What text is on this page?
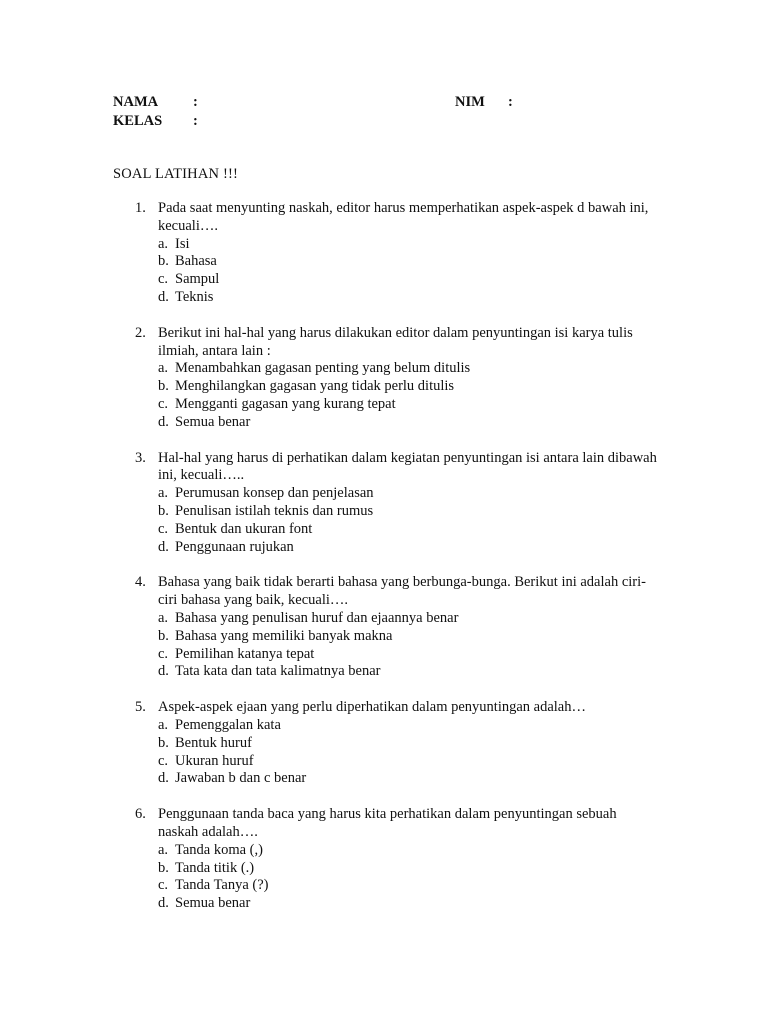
NAMA :	NIM :
KELAS :
SOAL LATIHAN !!!
1. Pada saat menyunting naskah, editor harus memperhatikan aspek-aspek d bawah ini, kecuali….
a. Isi
b. Bahasa
c. Sampul
d. Teknis
2. Berikut ini hal-hal yang harus dilakukan editor dalam penyuntingan isi karya tulis ilmiah, antara lain :
a. Menambahkan gagasan penting yang belum ditulis
b. Menghilangkan gagasan yang tidak perlu ditulis
c. Mengganti gagasan yang kurang tepat
d. Semua benar
3. Hal-hal yang harus di perhatikan dalam kegiatan penyuntingan isi antara lain dibawah ini, kecuali…..
a. Perumusan konsep dan penjelasan
b. Penulisan istilah teknis dan rumus
c. Bentuk dan ukuran font
d. Penggunaan rujukan
4. Bahasa yang baik tidak berarti bahasa yang berbunga-bunga. Berikut ini adalah ciri-ciri bahasa yang baik, kecuali….
a. Bahasa yang penulisan huruf dan ejaannya benar
b. Bahasa yang memiliki banyak makna
c. Pemilihan katanya tepat
d. Tata kata dan tata kalimatnya benar
5. Aspek-aspek ejaan yang perlu diperhatikan dalam penyuntingan adalah…
a. Pemenggalan kata
b. Bentuk huruf
c. Ukuran huruf
d. Jawaban b dan c benar
6. Penggunaan tanda baca yang harus kita perhatikan dalam penyuntingan sebuah naskah adalah….
a. Tanda koma (,)
b. Tanda titik (.)
c. Tanda Tanya (?)
d. Semua benar
